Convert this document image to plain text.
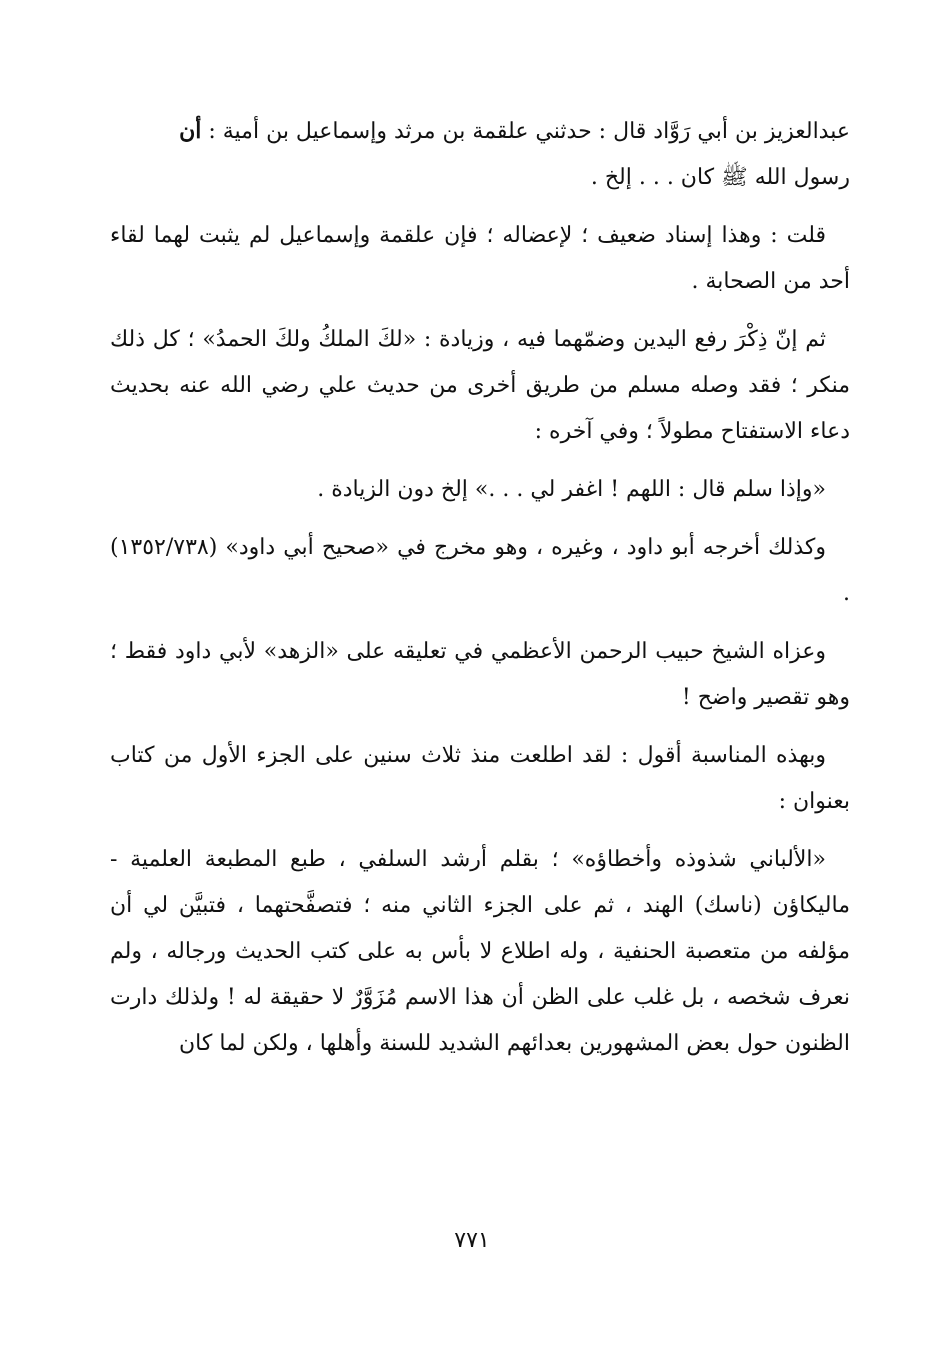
عبدالعزيز بن أبي رَوَّاد قال : حدثني علقمة بن مرثد وإسماعيل بن أمية : أن
رسول الله ﷺ كان . . . إلخ .

قلت : وهذا إسناد ضعيف ؛ لإعضاله ؛ فإن علقمة وإسماعيل لم يثبت لهما لقاء أحد من الصحابة .

ثم إنّ ذِكْرَ رفع اليدين وضمّهما فيه ، وزيادة : «لكَ الملكُ ولكَ الحمدُ» ؛ كل ذلك منكر ؛ فقد وصله مسلم من طريق أخرى من حديث علي رضي الله عنه بحديث دعاء الاستفتاح مطولاً ؛ وفي آخره :

«وإذا سلم قال : اللهم ! اغفر لي . . .» إلخ دون الزيادة .

وكذلك أخرجه أبو داود ، وغيره ، وهو مخرج في «صحيح أبي داود» (١٣٥٢/٧٣٨) .

وعزاه الشيخ حبيب الرحمن الأعظمي في تعليقه على «الزهد» لأبي داود فقط ؛ وهو تقصير واضح !

وبهذه المناسبة أقول : لقد اطلعت منذ ثلاث سنين على الجزء الأول من كتاب بعنوان :

«الألباني شذوذه وأخطاؤه» ؛ بقلم أرشد السلفي ، طبع المطبعة العلمية - ماليكاؤن (ناسك) الهند ، ثم على الجزء الثاني منه ؛ فتصفَّحتهما ، فتبيَّن لي أن مؤلفه من متعصبة الحنفية ، وله اطلاع لا بأس به على كتب الحديث ورجاله ، ولم نعرف شخصه ، بل غلب على الظن أن هذا الاسم مُزَوَّرٌ لا حقيقة له ! ولذلك دارت الظنون حول بعض المشهورين بعدائهم الشديد للسنة وأهلها ، ولكن لما كان

٧٧١
